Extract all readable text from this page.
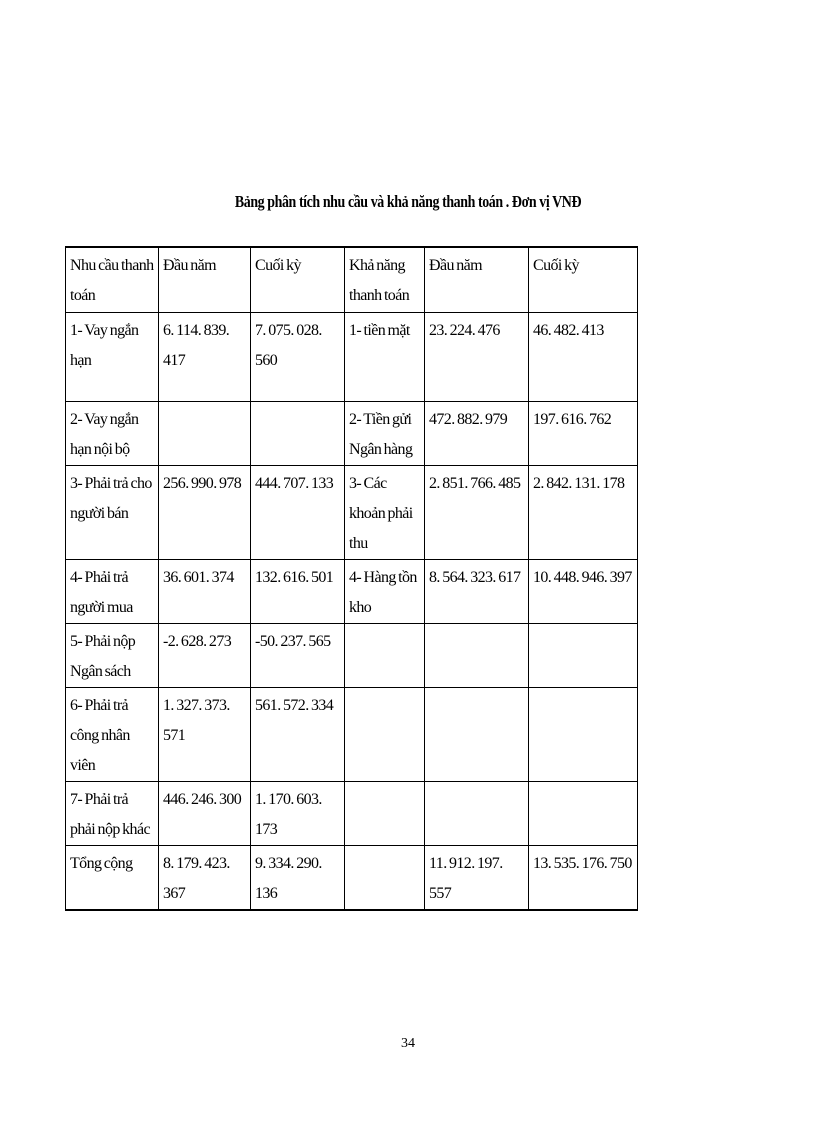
Bảng phân tích nhu cầu và khả năng thanh toán . Đơn vị VNĐ
Nhu cầu thanh toán	Đầu năm	Cuối kỳ	Khả năng thanh toán	Đầu năm	Cuối kỳ
1- Vay ngắn hạn	6. 114. 839. 417	7. 075. 028. 560	1- tiền mặt	23. 224. 476	46. 482. 413
2- Vay ngắn hạn nội bộ			2- Tiền gửi Ngân hàng	472. 882. 979	197. 616. 762
3- Phải trả cho người bán	256. 990. 978	444. 707. 133	3- Các khoản phải thu	2. 851. 766. 485	2. 842. 131. 178
4- Phải trả người mua	36. 601. 374	132. 616. 501	4- Hàng tồn kho	8. 564. 323. 617	10. 448. 946. 397
5- Phải nộp Ngân sách	-2. 628. 273	-50. 237. 565			
6- Phải trả công nhân viên	1. 327. 373. 571	561. 572. 334			
7- Phải trả phải nộp khác	446. 246. 300	1. 170. 603. 173			
Tổng cộng	8. 179. 423. 367	9. 334. 290. 136		11. 912. 197. 557	13. 535. 176. 750
34
